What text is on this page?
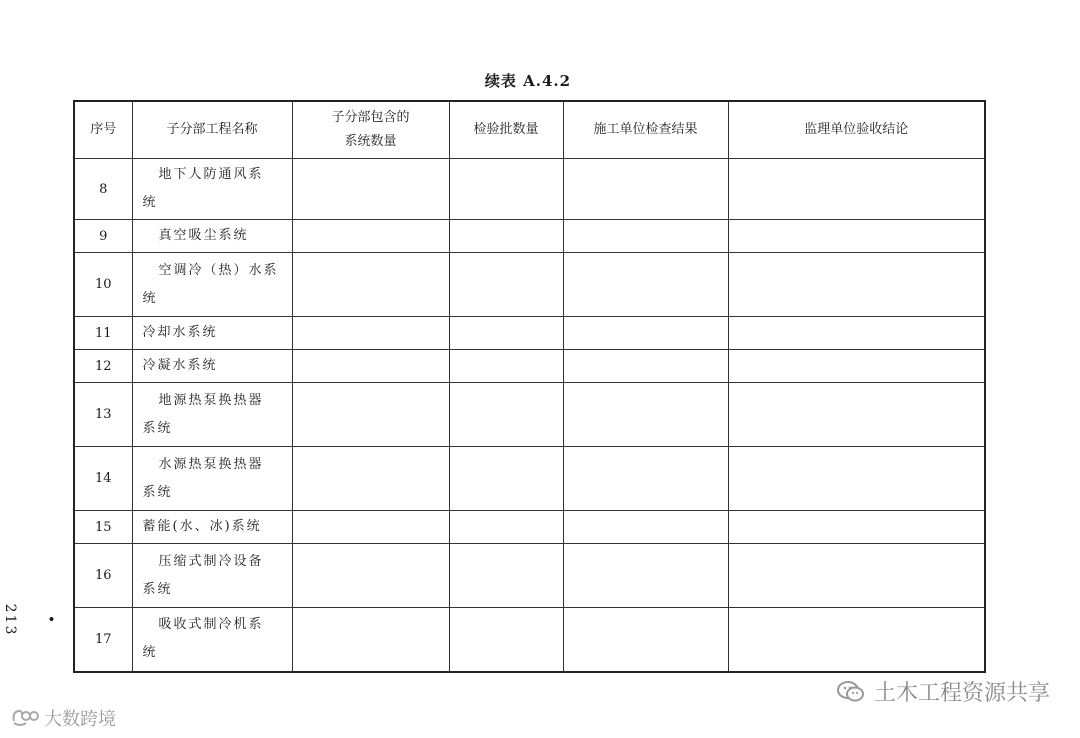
续表 A.4.2
序号	子分部工程名称	子分部包含的
系统数量	检验批数量	施工单位检查结果	监理单位验收结论
8	地下人防通风系
统				
9	真空吸尘系统				
10	空调冷（热）水系
统				
11	冷却水系统				
12	冷凝水系统				
13	地源热泵换热器
系统				
14	水源热泵换热器
系统				
15	蓄能(水、冰)系统				
16	压缩式制冷设备
系统				
17	吸收式制冷机系
统				
• 213
土木工程资源共享
大数跨境
